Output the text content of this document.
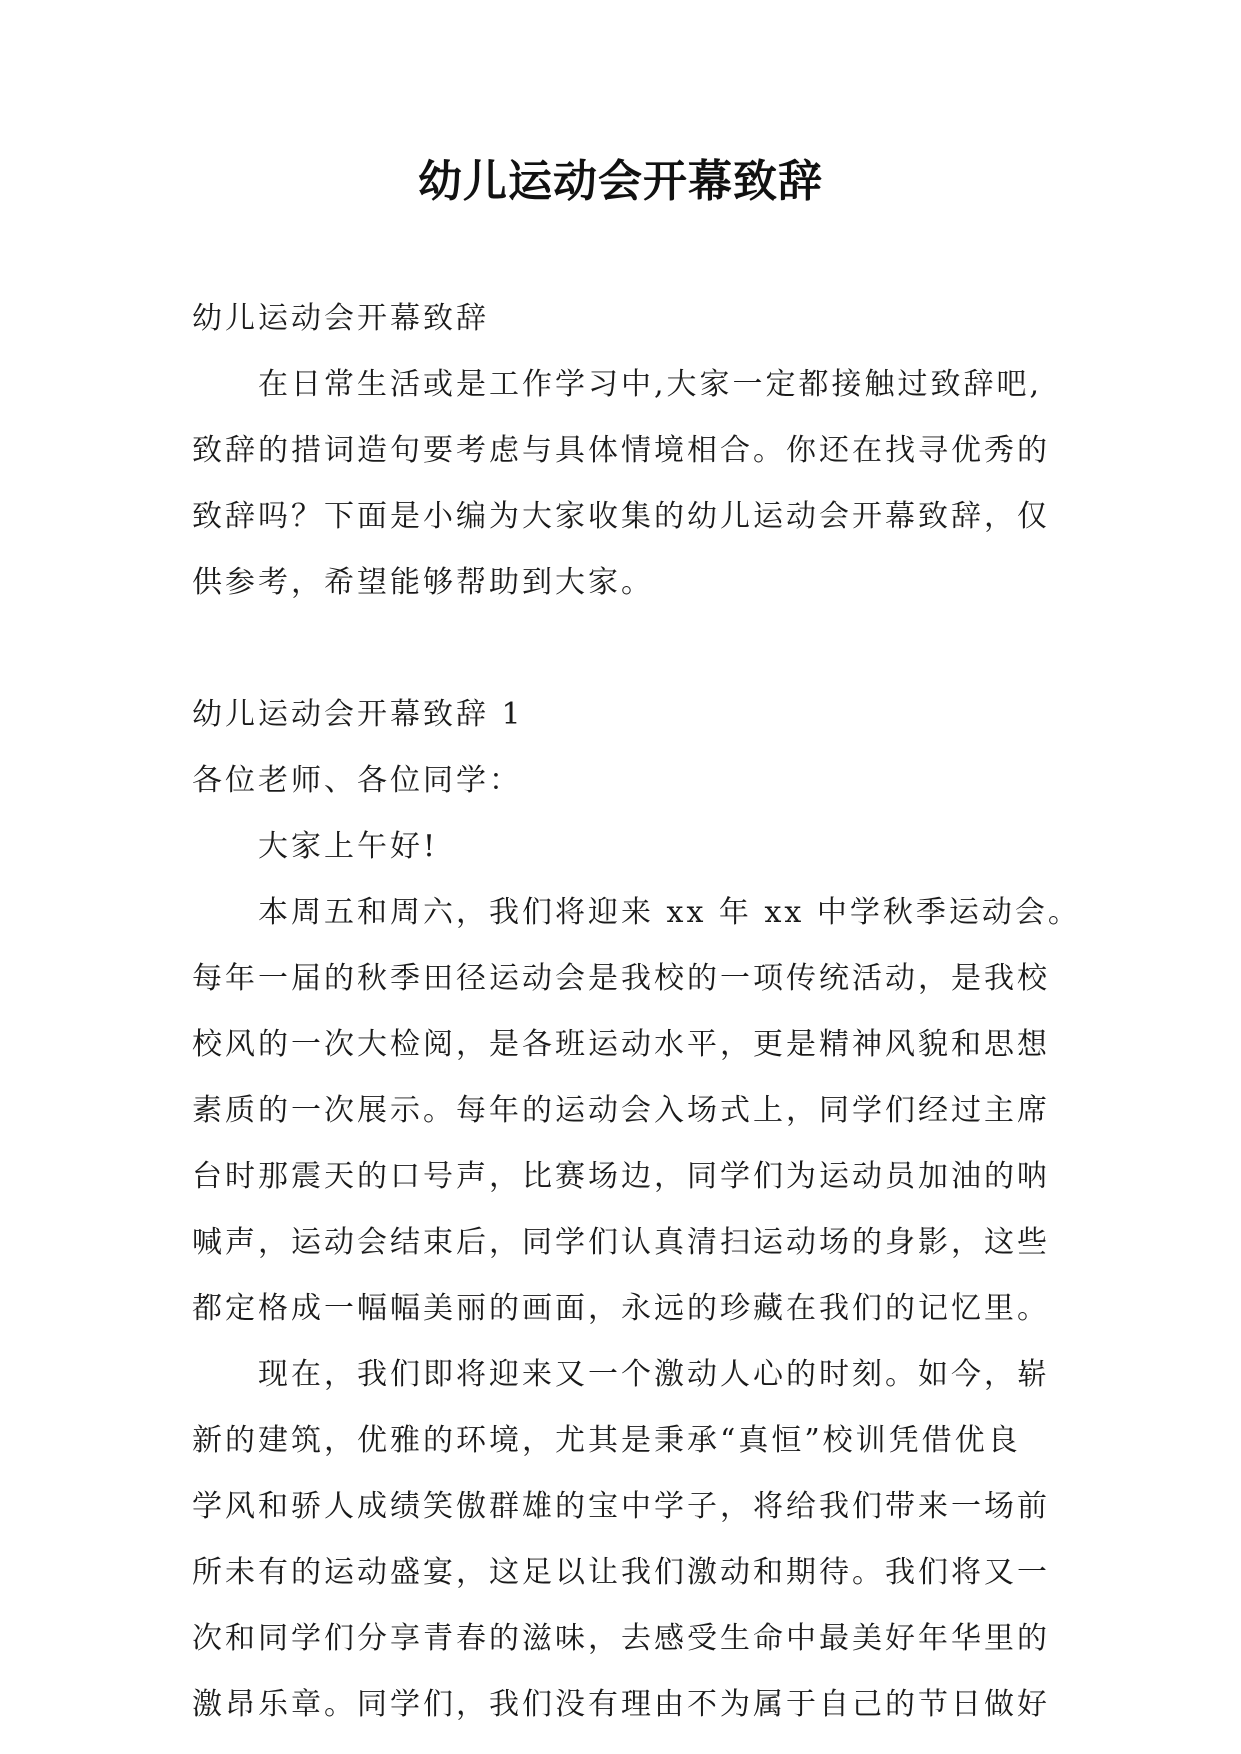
幼儿运动会开幕致辞

幼儿运动会开幕致辞

在日常生活或是工作学习中,大家一定都接触过致辞吧,

致辞的措词造句要考虑与具体情境相合。你还在找寻优秀的

致辞吗？下面是小编为大家收集的幼儿运动会开幕致辞，仅

供参考，希望能够帮助到大家。

幼儿运动会开幕致辞 1

各位老师、各位同学：

大家上午好!

本周五和周六，我们将迎来 xx 年 xx 中学秋季运动会。

每年一届的秋季田径运动会是我校的一项传统活动，是我校

校风的一次大检阅，是各班运动水平，更是精神风貌和思想

素质的一次展示。每年的运动会入场式上，同学们经过主席

台时那震天的口号声，比赛场边，同学们为运动员加油的呐

喊声，运动会结束后，同学们认真清扫运动场的身影，这些

都定格成一幅幅美丽的画面，永远的珍藏在我们的记忆里。

现在，我们即将迎来又一个激动人心的时刻。如今，崭

新的建筑，优雅的环境，尤其是秉承“真恒”校训凭借优良

学风和骄人成绩笑傲群雄的宝中学子，将给我们带来一场前

所未有的运动盛宴，这足以让我们激动和期待。我们将又一

次和同学们分享青春的滋味，去感受生命中最美好年华里的

激昂乐章。同学们，我们没有理由不为属于自己的节日做好
